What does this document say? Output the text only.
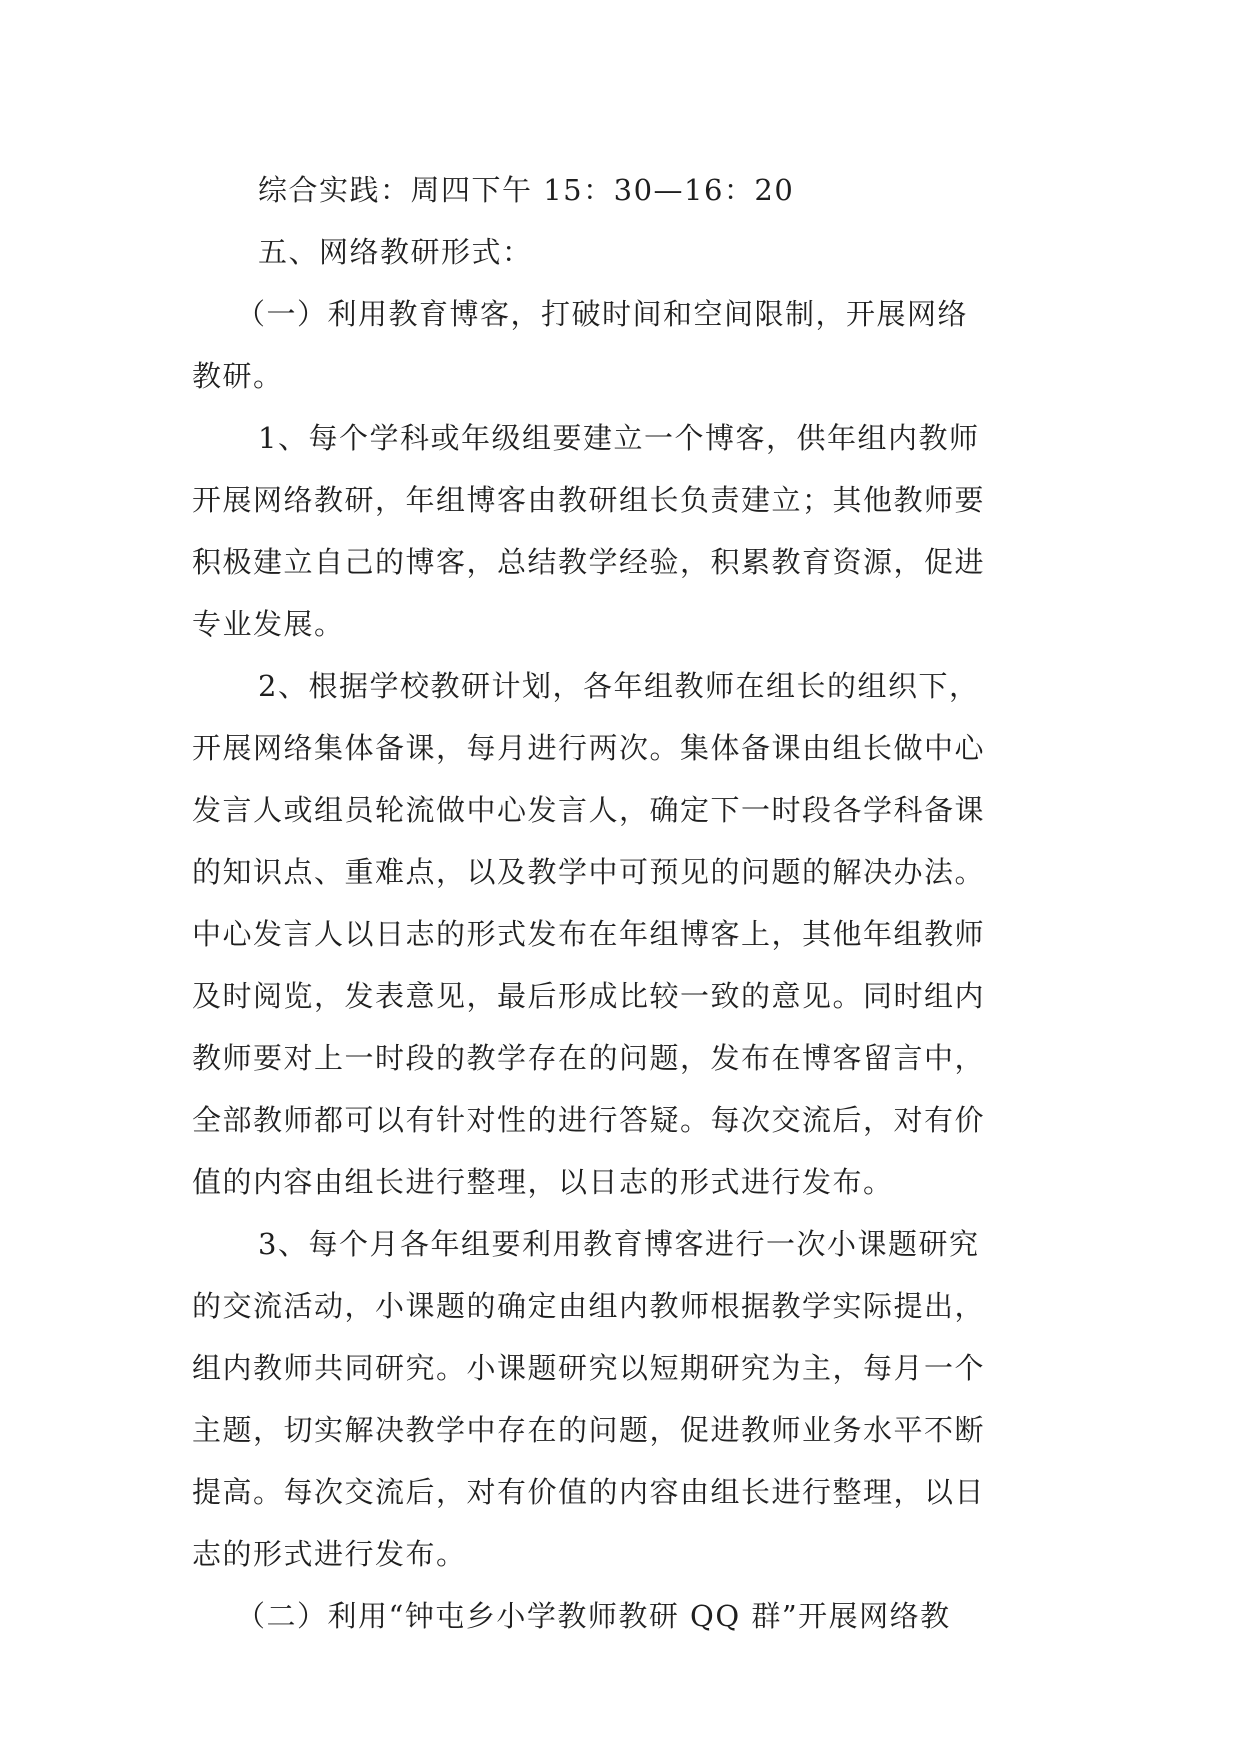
综合实践：周四下午 15：30—16：20
五、网络教研形式：
（一）利用教育博客，打破时间和空间限制，开展网络
教研。
1、每个学科或年级组要建立一个博客，供年组内教师
开展网络教研，年组博客由教研组长负责建立；其他教师要
积极建立自己的博客，总结教学经验，积累教育资源，促进
专业发展。
2、根据学校教研计划，各年组教师在组长的组织下，
开展网络集体备课，每月进行两次。集体备课由组长做中心
发言人或组员轮流做中心发言人，确定下一时段各学科备课
的知识点、重难点，以及教学中可预见的问题的解决办法。
中心发言人以日志的形式发布在年组博客上，其他年组教师
及时阅览，发表意见，最后形成比较一致的意见。同时组内
教师要对上一时段的教学存在的问题，发布在博客留言中，
全部教师都可以有针对性的进行答疑。每次交流后，对有价
值的内容由组长进行整理，以日志的形式进行发布。
3、每个月各年组要利用教育博客进行一次小课题研究
的交流活动，小课题的确定由组内教师根据教学实际提出，
组内教师共同研究。小课题研究以短期研究为主，每月一个
主题，切实解决教学中存在的问题，促进教师业务水平不断
提高。每次交流后，对有价值的内容由组长进行整理，以日
志的形式进行发布。
（二）利用“钟屯乡小学教师教研 QQ 群”开展网络教
